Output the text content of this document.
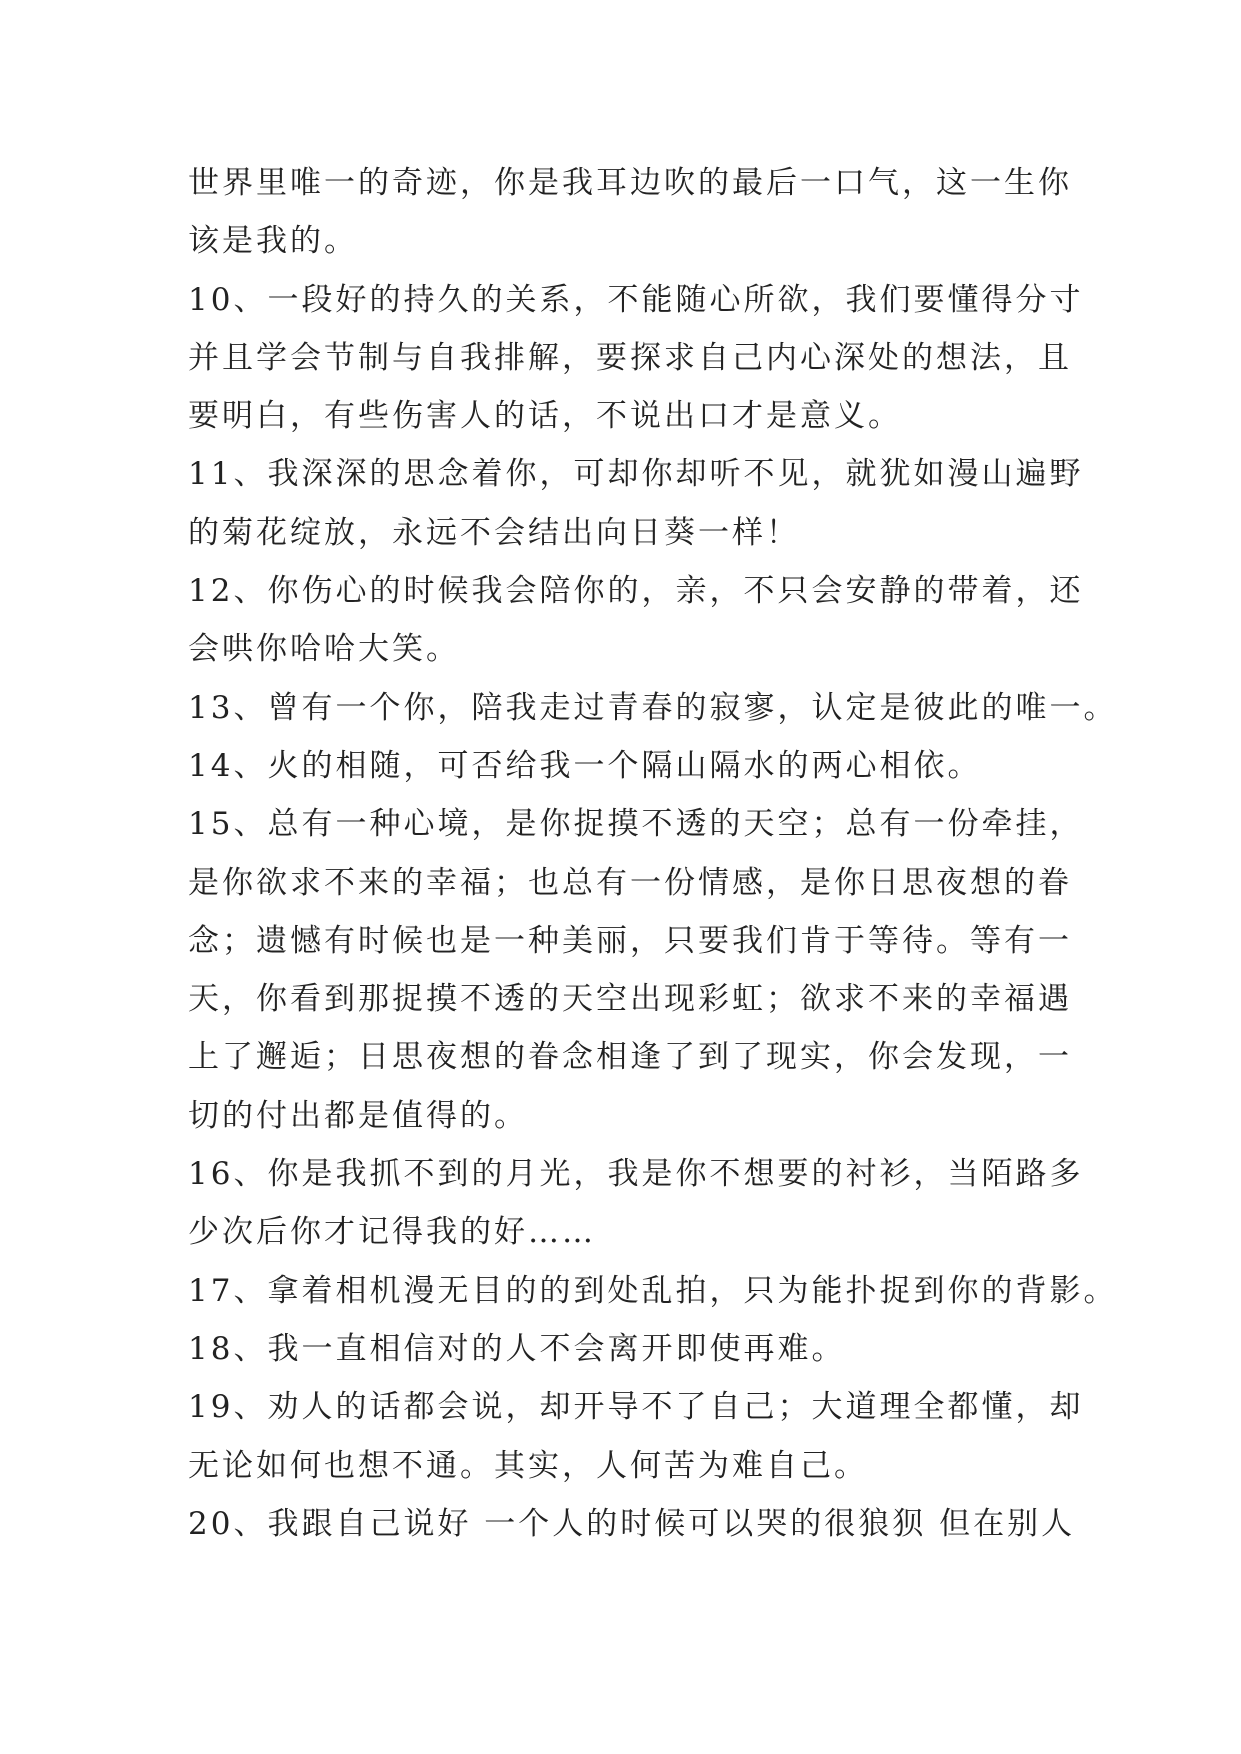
世界里唯一的奇迹，你是我耳边吹的最后一口气，这一生你

该是我的。

10、一段好的持久的关系，不能随心所欲，我们要懂得分寸

并且学会节制与自我排解，要探求自己内心深处的想法，且

要明白，有些伤害人的话，不说出口才是意义。

11、我深深的思念着你，可却你却听不见，就犹如漫山遍野

的菊花绽放，永远不会结出向日葵一样！

12、你伤心的时候我会陪你的，亲，不只会安静的带着，还

会哄你哈哈大笑。

13、曾有一个你，陪我走过青春的寂寥，认定是彼此的唯一。

14、火的相随，可否给我一个隔山隔水的两心相依。

15、总有一种心境，是你捉摸不透的天空；总有一份牵挂，

是你欲求不来的幸福；也总有一份情感，是你日思夜想的眷

念；遗憾有时候也是一种美丽，只要我们肯于等待。等有一

天，你看到那捉摸不透的天空出现彩虹；欲求不来的幸福遇

上了邂逅；日思夜想的眷念相逢了到了现实，你会发现，一

切的付出都是值得的。

16、你是我抓不到的月光，我是你不想要的衬衫，当陌路多

少次后你才记得我的好……

17、拿着相机漫无目的的到处乱拍，只为能扑捉到你的背影。

18、我一直相信对的人不会离开即使再难。

19、劝人的话都会说，却开导不了自己；大道理全都懂，却

无论如何也想不通。其实，人何苦为难自己。

20、我跟自己说好 一个人的时候可以哭的很狼狈 但在别人
